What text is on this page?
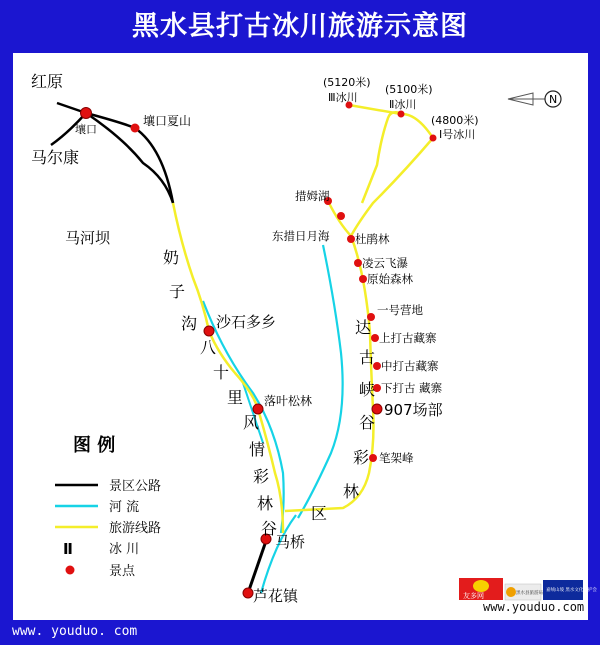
黑水县打古冰川旅游示意图
N
红原
马尔康
马河坝
壤口
壤口夏山
沙石多乡
落叶松林
马桥
芦花镇
措姆湖
东措日月海 杜鹃林
凌云飞瀑
原始森林
一号营地
上打古藏寨
中打古藏寨
下打古 藏寨
907场部
笔架峰
(5120米)
Ⅲ冰川
(5100米)
Ⅱ冰川
(4800米)
Ⅰ号冰川
奶
子
沟
八
十
里
风
情
彩
林
谷
达
古
峡
谷
彩
林
区
图 例
景区公路
河 流
旅游线路
Ⅱ	冰 川
景点
友多网	黑水县旅游局
嘉绒山坡 黑水文化保护会
www.youduo.com
www. youduo. com
